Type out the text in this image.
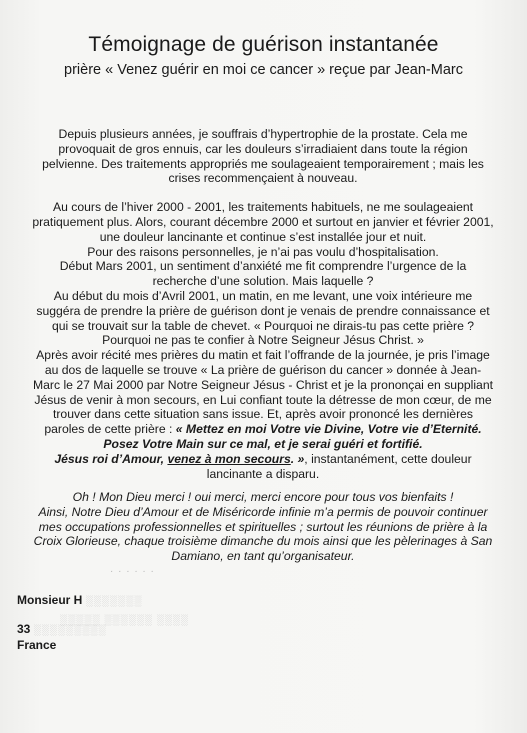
Témoignage de guérison instantanée
prière « Venez guérir en moi ce cancer » reçue par Jean-Marc

Depuis plusieurs années, je souffrais d’hypertrophie de la prostate. Cela me
provoquait de gros ennuis, car les douleurs s’irradiaient dans toute la région
pelvienne. Des traitements appropriés me soulageaient temporairement ; mais les
crises recommençaient à nouveau.

Au cours de l’hiver 2000 - 2001, les traitements habituels, ne me soulageaient
pratiquement plus. Alors, courant décembre 2000 et surtout en janvier et février 2001,
une douleur lancinante et continue s’est installée jour et nuit.

Pour des raisons personnelles, je n’ai pas voulu d’hospitalisation.

Début Mars 2001, un sentiment d’anxiété me fit comprendre l’urgence de la
recherche d’une solution. Mais laquelle ?

Au début du mois d’Avril 2001, un matin, en me levant, une voix intérieure me
suggéra de prendre la prière de guérison dont je venais de prendre connaissance et
qui se trouvait sur la table de chevet. « Pourquoi ne dirais-tu pas cette prière ?
Pourquoi ne pas te confier à Notre Seigneur Jésus Christ. »

Après avoir récité mes prières du matin et fait l’offrande de la journée, je pris l’image
au dos de laquelle se trouve « La prière de guérison du cancer » donnée à Jean-
Marc le 27 Mai 2000 par Notre Seigneur Jésus - Christ et je la prononçai en suppliant
Jésus de venir à mon secours, en Lui confiant toute la détresse de mon cœur, de me
trouver dans cette situation sans issue. Et, après avoir prononcé les dernières
paroles de cette prière : « Mettez en moi Votre vie Divine, Votre vie d’Eternité.
Posez Votre Main sur ce mal, et je serai guéri et fortifié.
Jésus roi d’Amour, venez à mon secours. », instantanément, cette douleur
lancinante a disparu.

Oh ! Mon Dieu merci ! oui merci, merci encore pour tous vos bienfaits !
Ainsi, Notre Dieu d’Amour et de Miséricorde infinie m’a permis de pouvoir continuer
mes occupations professionnelles et spirituelles ; surtout les réunions de prière à la
Croix Glorieuse, chaque troisième dimanche du mois ainsi que les pèlerinages à San
Damiano, en tant qu’organisateur.
· · · · · ·
Monsieur H ░░░░░░░
░░░░░ ░░░░░░ ░░░░
33 ░░░░░░░░░
France
